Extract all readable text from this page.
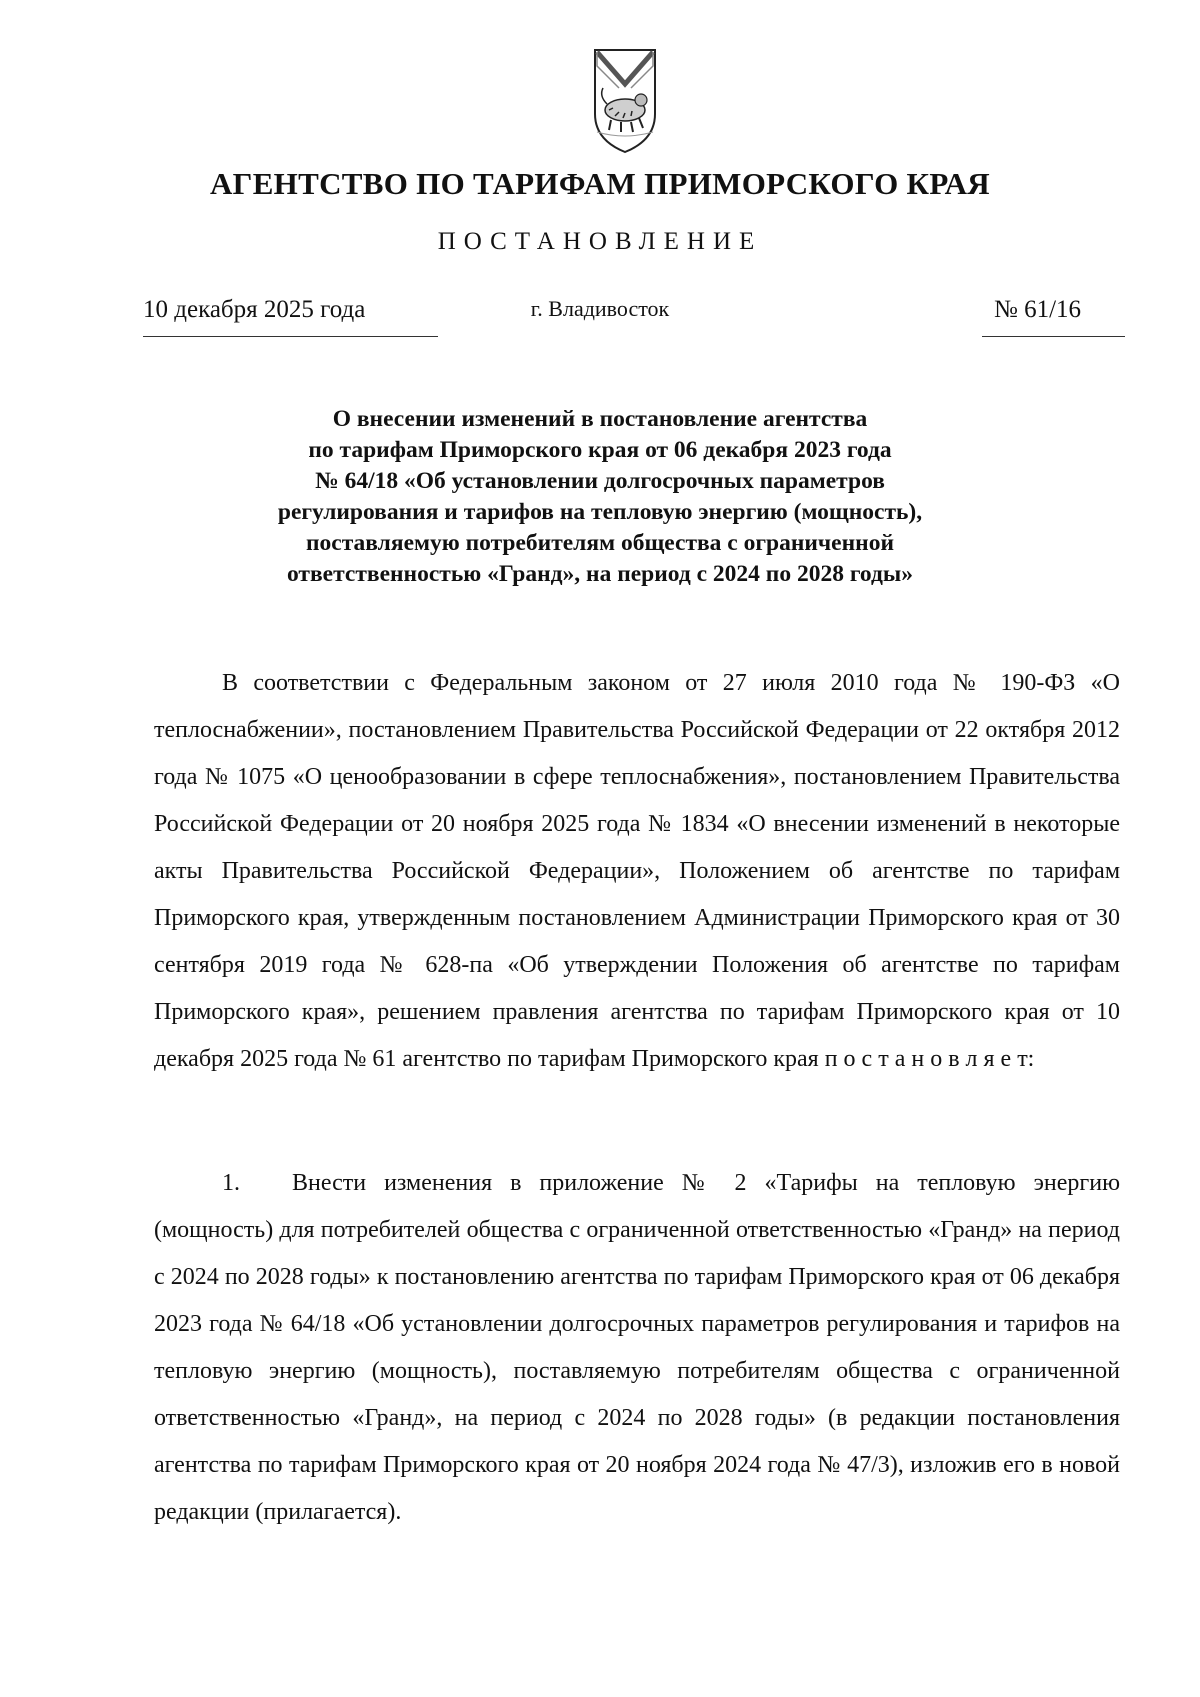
АГЕНТСТВО ПО ТАРИФАМ ПРИМОРСКОГО КРАЯ
ПОСТАНОВЛЕНИЕ
10 декабря 2025 года	г. Владивосток	№ 61/16

О внесении изменений в постановление агентства
по тарифам Приморского края от 06 декабря 2023 года
№ 64/18 «Об установлении долгосрочных параметров
регулирования и тарифов на тепловую энергию (мощность),
поставляемую потребителям общества с ограниченной
ответственностью «Гранд», на период с 2024 по 2028 годы»

В соответствии с Федеральным законом от 27 июля 2010 года № 190-ФЗ «О теплоснабжении», постановлением Правительства Российской Федерации от 22 октября 2012 года № 1075 «О ценообразовании в сфере теплоснабжения», постановлением Правительства Российской Федерации от 20 ноября 2025 года № 1834 «О внесении изменений в некоторые акты Правительства Российской Федерации», Положением об агентстве по тарифам Приморского края, утвержденным постановлением Администрации Приморского края от 30 сентября 2019 года № 628-па «Об утверждении Положения об агентстве по тарифам Приморского края», решением правления агентства по тарифам Приморского края от 10 декабря 2025 года № 61 агентство по тарифам Приморского края п о с т а н о в л я е т:

1. Внести изменения в приложение № 2 «Тарифы на тепловую энергию (мощность) для потребителей общества с ограниченной ответственностью «Гранд» на период с 2024 по 2028 годы» к постановлению агентства по тарифам Приморского края от 06 декабря 2023 года № 64/18 «Об установлении долгосрочных параметров регулирования и тарифов на тепловую энергию (мощность), поставляемую потребителям общества с ограниченной ответственностью «Гранд», на период с 2024 по 2028 годы» (в редакции постановления агентства по тарифам Приморского края от 20 ноября 2024 года № 47/3), изложив его в новой редакции (прилагается).
